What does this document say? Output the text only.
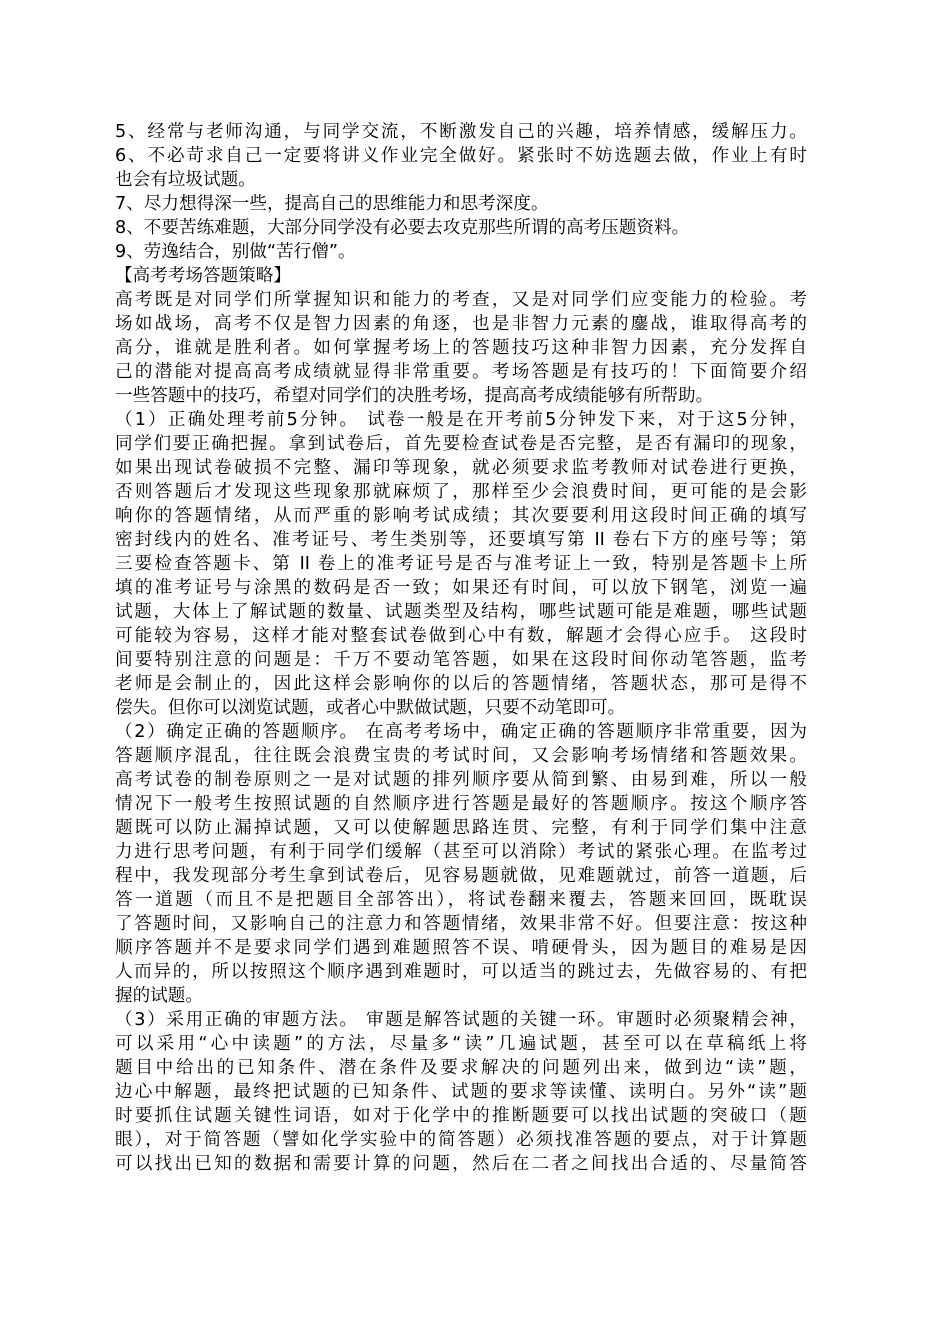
5、经常与老师沟通，与同学交流，不断激发自己的兴趣，培养情感，缓解压力。
6、不必苛求自己一定要将讲义作业完全做好。紧张时不妨选题去做，作业上有时
也会有垃圾试题。
7、尽力想得深一些，提高自己的思维能力和思考深度。
8、不要苦练难题，大部分同学没有必要去攻克那些所谓的高考压题资料。
9、劳逸结合，别做“苦行僧”。
【高考考场答题策略】
高考既是对同学们所掌握知识和能力的考查，又是对同学们应变能力的检验。考
场如战场，高考不仅是智力因素的角逐，也是非智力元素的鏖战，谁取得高考的
高分，谁就是胜利者。如何掌握考场上的答题技巧这种非智力因素，充分发挥自
己的潜能对提高高考成绩就显得非常重要。考场答题是有技巧的！下面简要介绍
一些答题中的技巧，希望对同学们的决胜考场，提高高考成绩能够有所帮助。
（1）正确处理考前5分钟。 试卷一般是在开考前5分钟发下来，对于这5分钟，
同学们要正确把握。拿到试卷后，首先要检查试卷是否完整，是否有漏印的现象，
如果出现试卷破损不完整、漏印等现象，就必须要求监考教师对试卷进行更换，
否则答题后才发现这些现象那就麻烦了，那样至少会浪费时间，更可能的是会影
响你的答题情绪，从而严重的影响考试成绩；其次要要利用这段时间正确的填写
密封线内的姓名、准考证号、考生类别等，还要填写第 II 卷右下方的座号等；第
三要检查答题卡、第 II 卷上的准考证号是否与准考证上一致，特别是答题卡上所
填的准考证号与涂黑的数码是否一致；如果还有时间，可以放下钢笔，浏览一遍
试题，大体上了解试题的数量、试题类型及结构，哪些试题可能是难题，哪些试题
可能较为容易，这样才能对整套试卷做到心中有数，解题才会得心应手。 这段时
间要特别注意的问题是：千万不要动笔答题，如果在这段时间你动笔答题，监考
老师是会制止的，因此这样会影响你的以后的答题情绪，答题状态，那可是得不
偿失。但你可以浏览试题，或者心中默做试题，只要不动笔即可。
（2）确定正确的答题顺序。 在高考考场中，确定正确的答题顺序非常重要，因为
答题顺序混乱，往往既会浪费宝贵的考试时间，又会影响考场情绪和答题效果。
高考试卷的制卷原则之一是对试题的排列顺序要从简到繁、由易到难，所以一般
情况下一般考生按照试题的自然顺序进行答题是最好的答题顺序。按这个顺序答
题既可以防止漏掉试题，又可以使解题思路连贯、完整，有利于同学们集中注意
力进行思考问题，有利于同学们缓解（甚至可以消除）考试的紧张心理。在监考过
程中，我发现部分考生拿到试卷后，见容易题就做，见难题就过，前答一道题，后
答一道题（而且不是把题目全部答出），将试卷翻来覆去，答题来回回，既耽误
了答题时间，又影响自己的注意力和答题情绪，效果非常不好。但要注意：按这种
顺序答题并不是要求同学们遇到难题照答不误、啃硬骨头，因为题目的难易是因
人而异的，所以按照这个顺序遇到难题时，可以适当的跳过去，先做容易的、有把
握的试题。
（3）采用正确的审题方法。 审题是解答试题的关键一环。审题时必须聚精会神，
可以采用“心中读题”的方法，尽量多“读”几遍试题，甚至可以在草稿纸上将
题目中给出的已知条件、潜在条件及要求解决的问题列出来，做到边“读”题，
边心中解题，最终把试题的已知条件、试题的要求等读懂、读明白。另外“读”题
时要抓住试题关键性词语，如对于化学中的推断题要可以找出试题的突破口（题
眼），对于简答题（譬如化学实验中的简答题）必须找准答题的要点，对于计算题
可以找出已知的数据和需要计算的问题，然后在二者之间找出合适的、尽量简答
